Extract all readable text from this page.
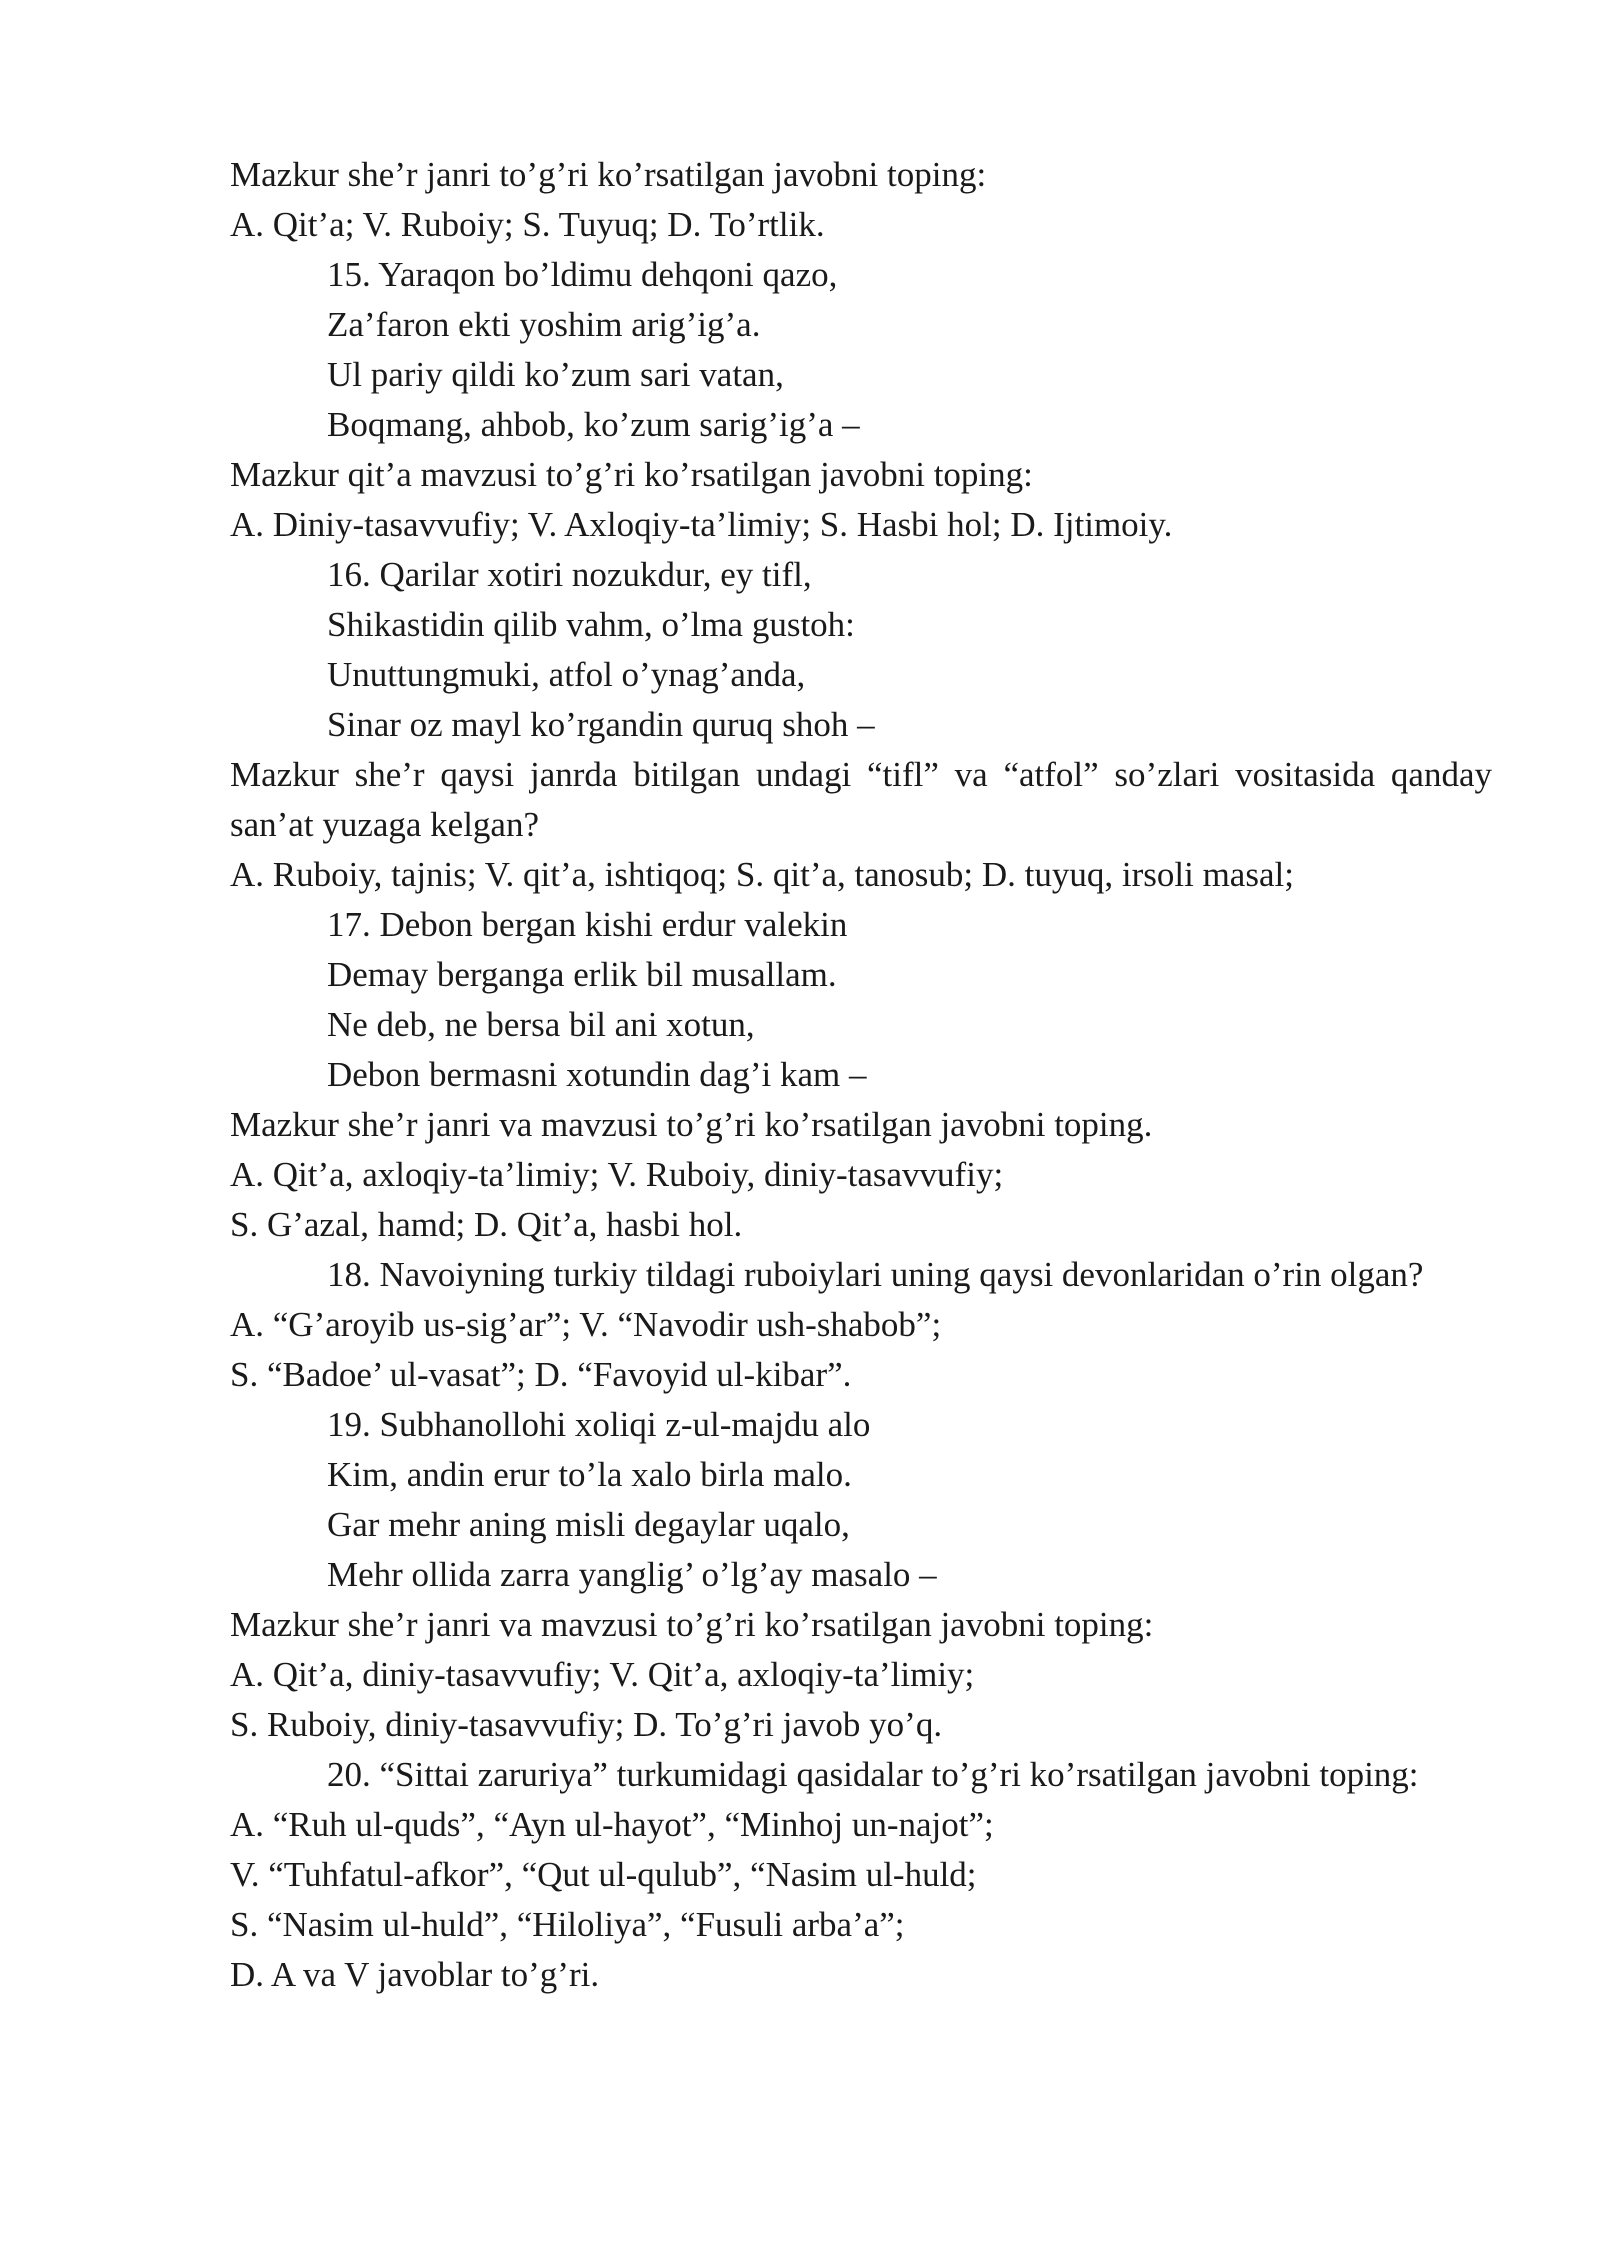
Mazkur she’r janri to’g’ri ko’rsatilgan javobni toping:
A. Qit’a; V. Ruboiy; S. Tuyuq; D. To’rtlik.
15. Yaraqon bo’ldimu dehqoni qazo,
Za’faron ekti yoshim arig’ig’a.
Ul pariy qildi ko’zum sari vatan,
Boqmang, ahbob, ko’zum sarig’ig’a –
Mazkur qit’a mavzusi to’g’ri ko’rsatilgan javobni toping:
A. Diniy-tasavvufiy; V. Axloqiy-ta’limiy; S. Hasbi hol; D. Ijtimoiy.
16. Qarilar xotiri nozukdur, ey tifl,
Shikastidin qilib vahm, o’lma gustoh:
Unuttungmuki, atfol o’ynag’anda,
Sinar oz mayl ko’rgandin quruq shoh –
Mazkur she’r qaysi janrda bitilgan undagi “tifl” va “atfol” so’zlari vositasida qanday san’at yuzaga kelgan?
A. Ruboiy, tajnis; V. qit’a, ishtiqoq; S. qit’a, tanosub; D. tuyuq, irsoli masal;
17. Debon bergan kishi erdur valekin
Demay berganga erlik bil musallam.
Ne deb, ne bersa bil ani xotun,
Debon bermasni xotundin dag’i kam –
Mazkur she’r janri va mavzusi to’g’ri ko’rsatilgan javobni toping.
A. Qit’a, axloqiy-ta’limiy; V. Ruboiy, diniy-tasavvufiy;
S. G’azal, hamd; D. Qit’a, hasbi hol.
18. Navoiyning turkiy tildagi ruboiylari uning qaysi devonlaridan o’rin olgan?
A. “G’aroyib us-sig’ar”; V. “Navodir ush-shabob”;
S. “Badoe’ ul-vasat”; D. “Favoyid ul-kibar”.
19. Subhanollohi xoliqi z-ul-majdu alo
Kim, andin erur to’la xalo birla malo.
Gar mehr aning misli degaylar uqalo,
Mehr ollida zarra yanglig’ o’lg’ay masalo –
Mazkur she’r janri va mavzusi to’g’ri ko’rsatilgan javobni toping:
A. Qit’a, diniy-tasavvufiy; V. Qit’a, axloqiy-ta’limiy;
S. Ruboiy, diniy-tasavvufiy; D. To’g’ri javob yo’q.
20. “Sittai zaruriya” turkumidagi qasidalar to’g’ri ko’rsatilgan javobni toping:
A. “Ruh ul-quds”, “Ayn ul-hayot”, “Minhoj un-najot”;
V. “Tuhfatul-afkor”, “Qut ul-qulub”, “Nasim ul-huld;
S. “Nasim ul-huld”, “Hiloliya”, “Fusuli arba’a”;
D. A va V javoblar to’g’ri.
